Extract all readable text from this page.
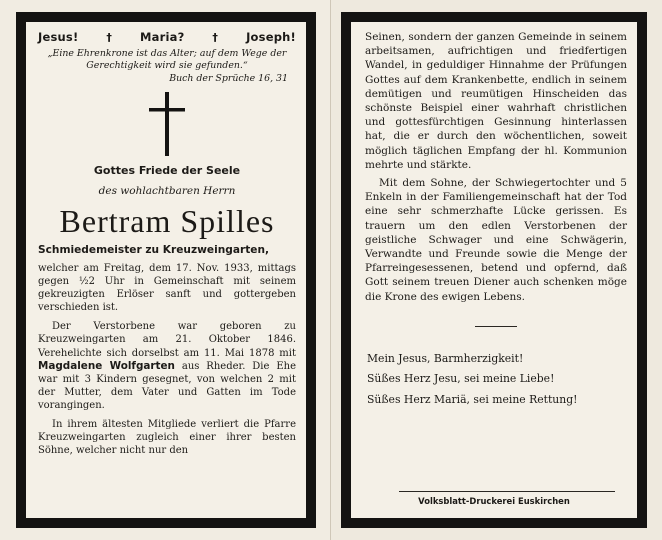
Jesus!	† Maria?	† Joseph!
„Eine Ehrenkrone ist das Alter; auf dem Wege der Gerechtigkeit wird sie gefunden.“
Buch der Sprüche 16, 31
Gottes Friede der Seele
des wohlachtbaren Herrn
Bertram Spilles
Schmiedemeister zu Kreuzweingarten,

welcher am Freitag, dem 17. Nov. 1933, mittags gegen ½2 Uhr in Gemeinschaft mit seinem gekreuzigten Erlöser sanft und gottergeben verschieden ist.

Der Verstorbene war geboren zu Kreuzweingarten am 21. Oktober 1846. Verehelichte sich dorselbst am 11. Mai 1878 mit Magdalene Wolfgarten aus Rheder. Die Ehe war mit 3 Kindern gesegnet, von welchen 2 mit der Mutter, dem Vater und Gatten im Tode vorangingen.

In ihrem ältesten Mitgliede verliert die Pfarre Kreuzweingarten zugleich einer ihrer besten Söhne, welcher nicht nur den

Seinen, sondern der ganzen Gemeinde in seinem arbeitsamen, aufrichtigen und friedfertigen Wandel, in geduldiger Hinnahme der Prüfungen Gottes auf dem Krankenbette, endlich in seinem demütigen und reumütigen Hinscheiden das schönste Beispiel einer wahrhaft christlichen und gottesfürchtigen Gesinnung hinterlassen hat, die er durch den wöchentlichen, soweit möglich täglichen Empfang der hl. Kommunion mehrte und stärkte.

Mit dem Sohne, der Schwiegertochter und 5 Enkeln in der Familiengemeinschaft hat der Tod eine sehr schmerzhafte Lücke gerissen. Es trauern um den edlen Verstorbenen der geistliche Schwager und eine Schwägerin, Verwandte und Freunde sowie die Menge der Pfarreingesessenen, betend und opfernd, daß Gott seinem treuen Diener auch schenken möge die Krone des ewigen Lebens.

Mein Jesus, Barmherzigkeit!
Süßes Herz Jesu, sei meine Liebe!
Süßes Herz Mariä, sei meine Rettung!
Volksblatt-Druckerei Euskirchen
